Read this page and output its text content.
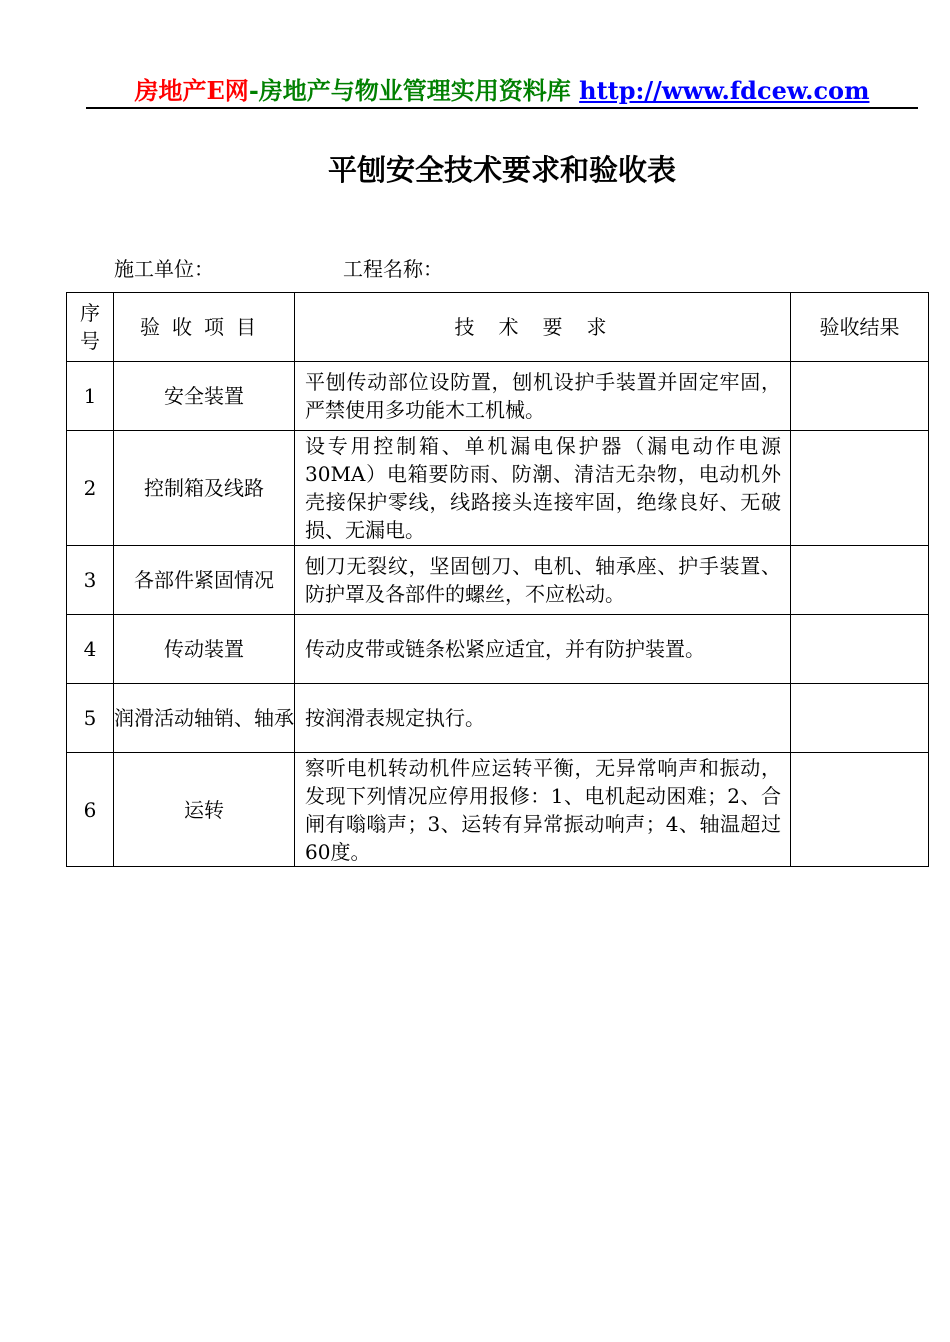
房地产E网-房地产与物业管理实用资料库 http://www.fdcew.com
平刨安全技术要求和验收表
施工单位：	工程名称：
序
号	验收项目	技术要求	验收结果
1	安全装置	平刨传动部位设防置，刨机设护手装置并固定牢固，严禁使用多功能木工机械。	
2	控制箱及线路	设专用控制箱、单机漏电保护器（漏电动作电源30MA）电箱要防雨、防潮、清洁无杂物，电动机外壳接保护零线，线路接头连接牢固，绝缘良好、无破损、无漏电。	
3	各部件紧固情况	刨刀无裂纹，坚固刨刀、电机、轴承座、护手装置、防护罩及各部件的螺丝，不应松动。	
4	传动装置	传动皮带或链条松紧应适宜，并有防护装置。	
5	润滑活动轴销、轴承	按润滑表规定执行。	
6	运转	察听电机转动机件应运转平衡，无异常响声和振动，发现下列情况应停用报修：1、电机起动困难；2、合闸有嗡嗡声；3、运转有异常振动响声；4、轴温超过60度。	
